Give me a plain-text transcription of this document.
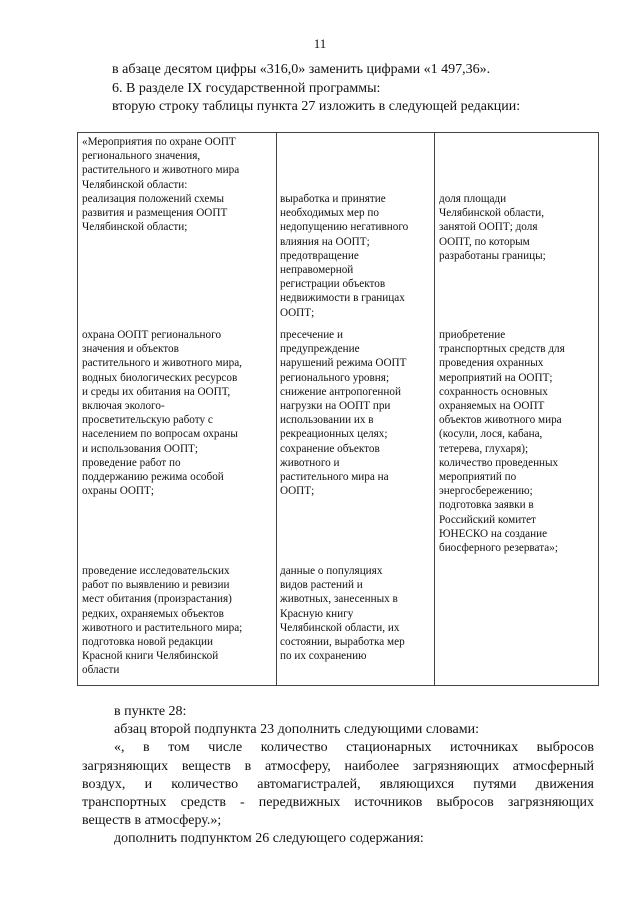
11
в абзаце десятом цифры «316,0» заменить цифрами «1 497,36».
6. В разделе IX государственной программы:
вторую строку таблицы пункта 27 изложить в следующей редакции:
«Мероприятия по охране ООПТ
регионального значения,
растительного и животного мира
Челябинской области:
реализация положений схемы
развития и размещения ООПТ
Челябинской области;
выработка и принятие
необходимых мер по
недопущению негативного
влияния на ООПТ;
предотвращение
неправомерной
регистрации объектов
недвижимости в границах
ООПТ;
доля площади
Челябинской области,
занятой ООПТ; доля
ООПТ, по которым
разработаны границы;
охрана ООПТ регионального
значения и объектов
растительного и животного мира,
водных биологических ресурсов
и среды их обитания на ООПТ,
включая эколого-
просветительскую работу с
населением по вопросам охраны
и использования ООПТ;
проведение работ по
поддержанию режима особой
охраны ООПТ;
пресечение и
предупреждение
нарушений режима ООПТ
регионального уровня;
снижение антропогенной
нагрузки на ООПТ при
использовании их в
рекреационных целях;
сохранение объектов
животного и
растительного мира на
ООПТ;
приобретение
транспортных средств для
проведения охранных
мероприятий на ООПТ;
сохранность основных
охраняемых на ООПТ
объектов животного мира
(косули, лося, кабана,
тетерева, глухаря);
количество проведенных
мероприятий по
энергосбережению;
подготовка заявки в
Российский комитет
ЮНЕСКО на создание
биосферного резервата»;
проведение исследовательских
работ по выявлению и ревизии
мест обитания (произрастания)
редких, охраняемых объектов
животного и растительного мира;
подготовка новой редакции
Красной книги Челябинской
области
данные о популяциях
видов растений и
животных, занесенных в
Красную книгу
Челябинской области, их
состоянии, выработка мер
по их сохранению
в пункте 28:
абзац второй подпункта 23 дополнить следующими словами:
«, в том числе количество стационарных источниках выбросов
загрязняющих веществ в атмосферу, наиболее загрязняющих атмосферный
воздух, и количество автомагистралей, являющихся путями движения
транспортных средств - передвижных источников выбросов загрязняющих
веществ в атмосферу.»;
дополнить подпунктом 26 следующего содержания:
